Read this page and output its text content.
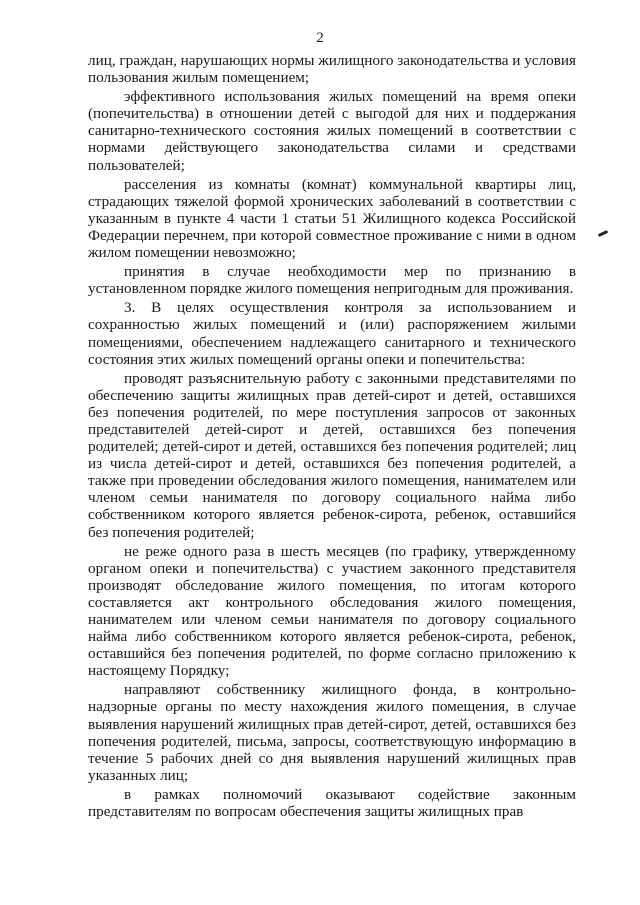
2

лиц, граждан, нарушающих нормы жилищного законодательства и условия пользования жилым помещением;

эффективного использования жилых помещений на время опеки (попечительства) в отношении детей с выгодой для них и поддержания санитарно-технического состояния жилых помещений в соответствии с нормами действующего законодательства силами и средствами пользователей;

расселения из комнаты (комнат) коммунальной квартиры лиц, страдающих тяжелой формой хронических заболеваний в соответствии с указанным в пункте 4 части 1 статьи 51 Жилищного кодекса Российской Федерации перечнем, при которой совместное проживание с ними в одном жилом помещении невозможно;

принятия в случае необходимости мер по признанию в установленном порядке жилого помещения непригодным для проживания.

3. В целях осуществления контроля за использованием и сохранностью жилых помещений и (или) распоряжением жилыми помещениями, обеспечением надлежащего санитарного и технического состояния этих жилых помещений органы опеки и попечительства:

проводят разъяснительную работу с законными представителями по обеспечению защиты жилищных прав детей-сирот и детей, оставшихся без попечения родителей, по мере поступления запросов от законных представителей детей-сирот и детей, оставшихся без попечения родителей; детей-сирот и детей, оставшихся без попечения родителей; лиц из числа детей-сирот и детей, оставшихся без попечения родителей, а также при проведении обследования жилого помещения, нанимателем или членом семьи нанимателя по договору социального найма либо собственником которого является ребенок-сирота, ребенок, оставшийся без попечения родителей;

не реже одного раза в шесть месяцев (по графику, утвержденному органом опеки и попечительства) с участием законного представителя производят обследование жилого помещения, по итогам которого составляется акт контрольного обследования жилого помещения, нанимателем или членом семьи нанимателя по договору социального найма либо собственником которого является ребенок-сирота, ребенок, оставшийся без попечения родителей, по форме согласно приложению к настоящему Порядку;

направляют собственнику жилищного фонда, в контрольно-надзорные органы по месту нахождения жилого помещения, в случае выявления нарушений жилищных прав детей-сирот, детей, оставшихся без попечения родителей, письма, запросы, соответствующую информацию в течение 5 рабочих дней со дня выявления нарушений жилищных прав указанных лиц;

в рамках полномочий оказывают содействие законным представителям по вопросам обеспечения защиты жилищных прав
